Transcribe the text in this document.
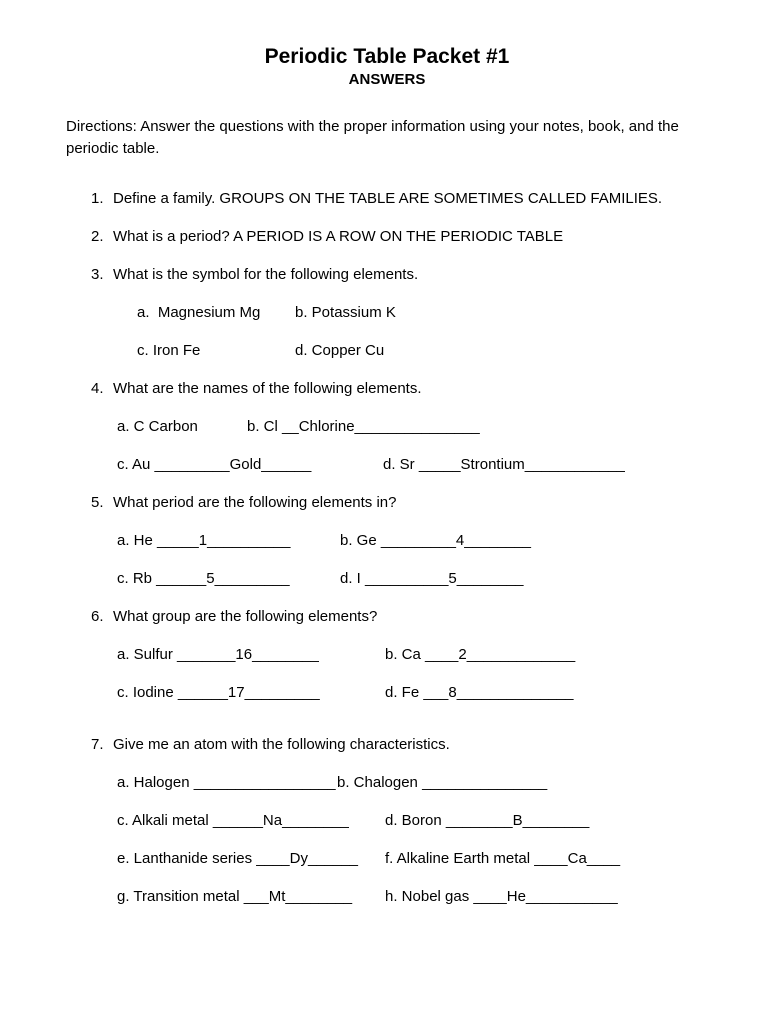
Periodic Table Packet #1
ANSWERS
Directions: Answer the questions with the proper information using your notes, book, and the periodic table.
1. Define a family. GROUPS ON THE TABLE ARE SOMETIMES CALLED FAMILIES.
2. What is a period? A PERIOD IS A ROW ON THE PERIODIC TABLE
3. What is the symbol for the following elements.
a.  Magnesium Mg	b. Potassium K
c. Iron Fe	d. Copper Cu
4. What are the names of the following elements.
a. C Carbon	b. Cl __Chlorine_______________
c. Au _________Gold______	d. Sr _____Strontium____________
5. What period are the following elements in?
a. He _____1__________	b. Ge _________4________
c. Rb ______5_________	d. I __________5________
6. What group are the following elements?
a. Sulfur _______16________	b. Ca ____2_____________
c. Iodine ______17_________	d. Fe ___8______________
7. Give me an atom with the following characteristics.
a. Halogen _________________ b. Chalogen _______________
c. Alkali metal ______Na________	d. Boron ________B________
e. Lanthanide series ____Dy______	f. Alkaline Earth metal ____Ca____
g. Transition metal ___Mt________	h. Nobel gas ____He___________
